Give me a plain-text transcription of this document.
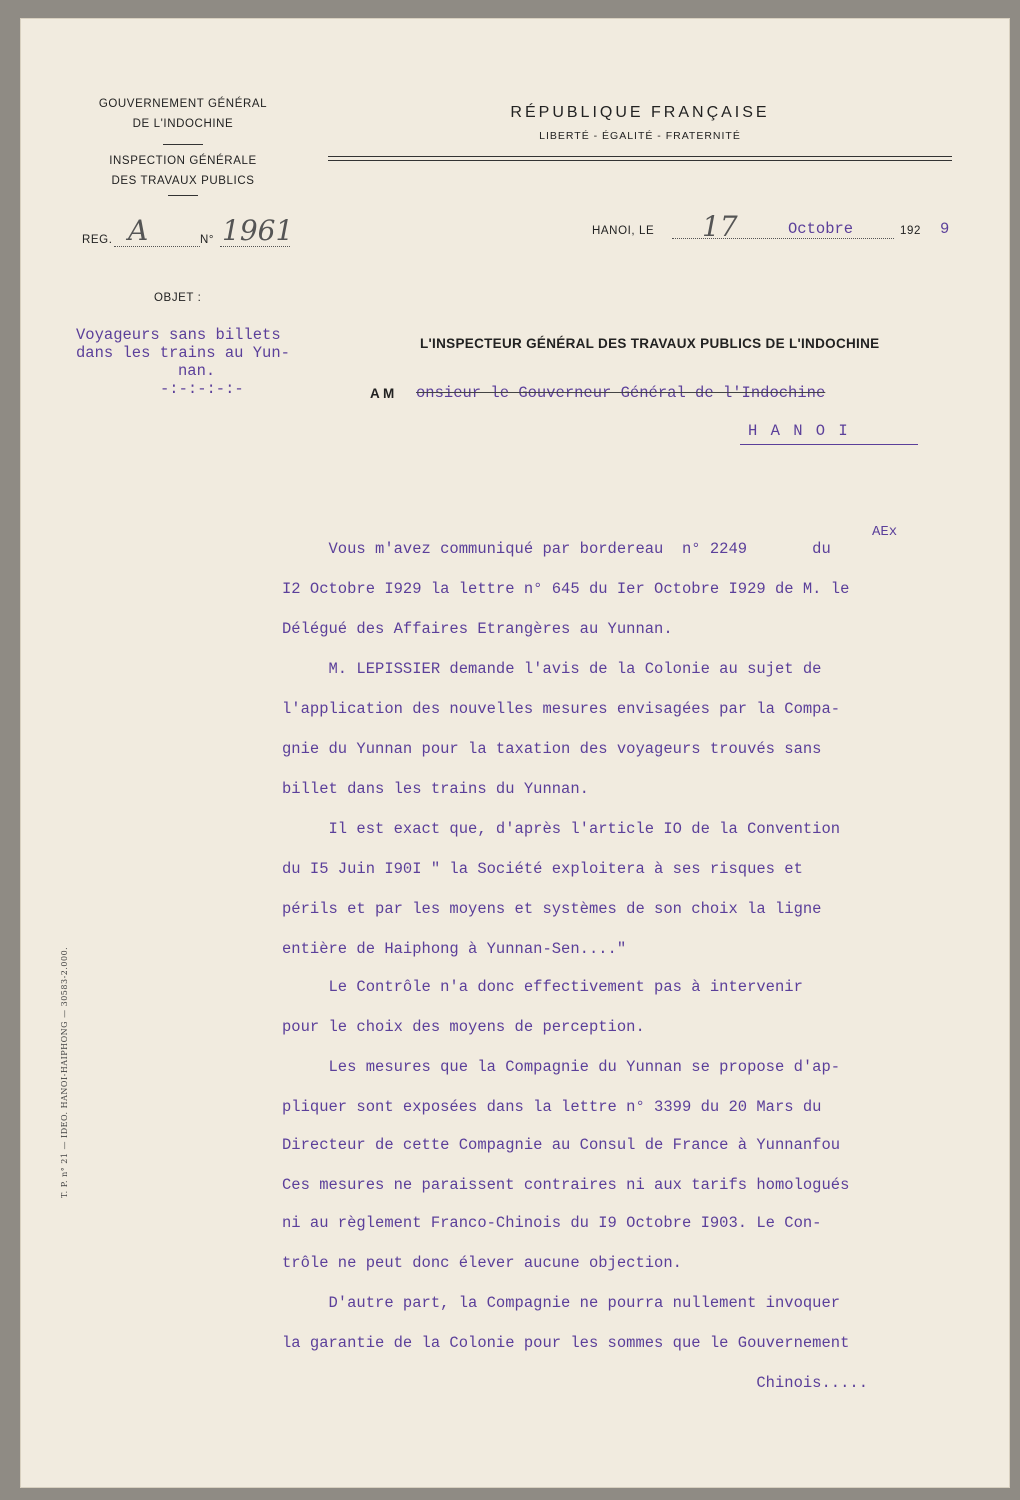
GOUVERNEMENT GÉNÉRAL
DE L'INDOCHINE
INSPECTION GÉNÉRALE
DES TRAVAUX PUBLICS
REG. A	N° 1961
OBJET :
Voyageurs sans billets
dans les trains au Yun-
nan.
-:-:-:-:-
RÉPUBLIQUE FRANÇAISE
LIBERTÉ - ÉGALITÉ - FRATERNITÉ
HANOI, LE 17	Octobre	192 9
L'INSPECTEUR GÉNÉRAL DES TRAVAUX PUBLICS DE L'INDOCHINE
A M onsieur le Gouverneur Général de l'Indochine
H A N O I
AEx
Vous m'avez communiqué par bordereau  n° 2249       du
I2 Octobre I929 la lettre n° 645 du Ier Octobre I929 de M. le
Délégué des Affaires Etrangères au Yunnan.
M. LEPISSIER demande l'avis de la Colonie au sujet de
l'application des nouvelles mesures envisagées par la Compa-
gnie du Yunnan pour la taxation des voyageurs trouvés sans
billet dans les trains du Yunnan.
Il est exact que, d'après l'article IO de la Convention
du I5 Juin I90I " la Société exploitera à ses risques et
périls et par les moyens et systèmes de son choix la ligne
entière de Haiphong à Yunnan-Sen...."
Le Contrôle n'a donc effectivement pas à intervenir
pour le choix des moyens de perception.
Les mesures que la Compagnie du Yunnan se propose d'ap-
pliquer sont exposées dans la lettre n° 3399 du 20 Mars du
Directeur de cette Compagnie au Consul de France à Yunnanfou
Ces mesures ne paraissent contraires ni aux tarifs homologués
ni au règlement Franco-Chinois du I9 Octobre I903. Le Con-
trôle ne peut donc élever aucune objection.
D'autre part, la Compagnie ne pourra nullement invoquer
la garantie de la Colonie pour les sommes que le Gouvernement
Chinois.....
T. P. n° 21 — IDEO. HANOI-HAIPHONG — 30583-2.000.
